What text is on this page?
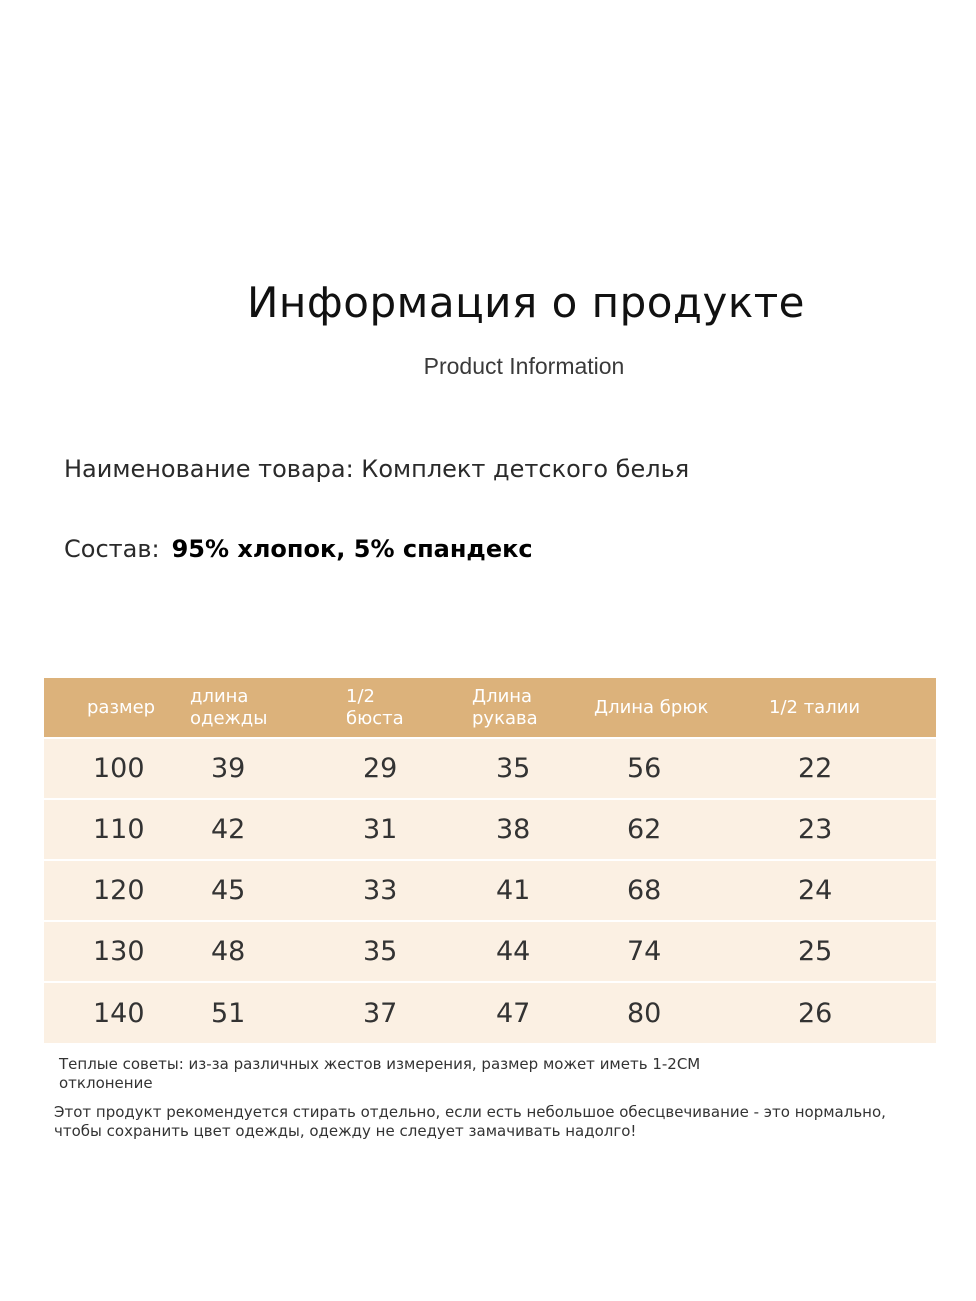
Информация о продукте
Product Information
Наименование товара: Комплект детского белья
Состав: 95% хлопок, 5% спандекс
размер	длина одежды	1/2 бюста	Длина рукава	Длина брюк	1/2 талии
100	39	29	35	56	22
110	42	31	38	62	23
120	45	33	41	68	24
130	48	35	44	74	25
140	51	37	47	80	26
Теплые советы: из-за различных жестов измерения, размер может иметь 1-2CM отклонение
Этот продукт рекомендуется стирать отдельно, если есть небольшое обесцвечивание - это нормально, чтобы сохранить цвет одежды, одежду не следует замачивать надолго!
